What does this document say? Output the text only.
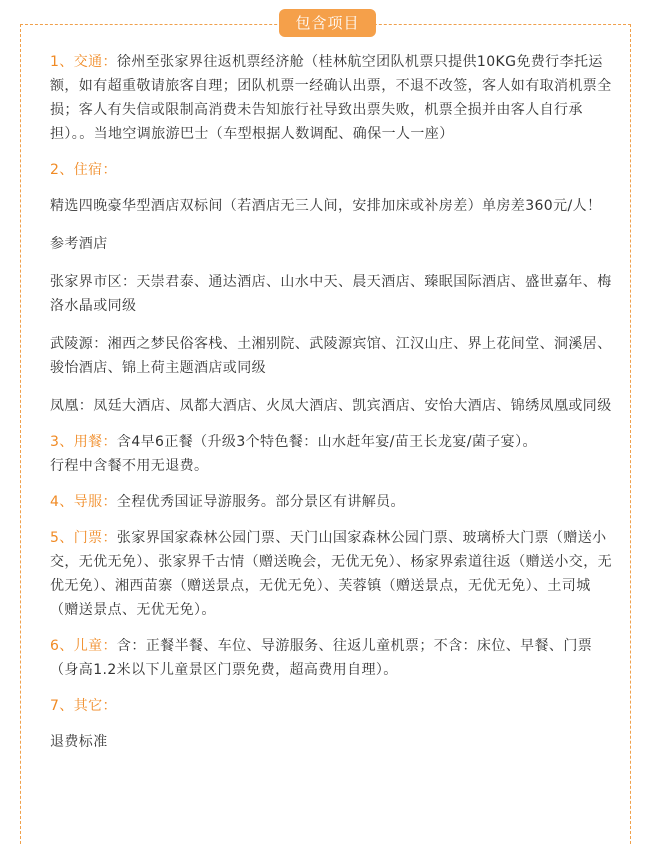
包含项目

1、交通：徐州至张家界往返机票经济舱（桂林航空团队机票只提供10KG免费行李托运额，如有超重敬请旅客自理；团队机票一经确认出票，不退不改签，客人如有取消机票全损；客人有失信或限制高消费未告知旅行社导致出票失败，机票全损并由客人自行承担）。。当地空调旅游巴士（车型根据人数调配、确保一人一座）

2、住宿：

精选四晚豪华型酒店双标间（若酒店无三人间，安排加床或补房差）单房差360元/人！

参考酒店

张家界市区：天崇君泰、通达酒店、山水中天、晨天酒店、臻眠国际酒店、盛世嘉年、梅洛水晶或同级

武陵源：湘西之梦民俗客栈、土湘别院、武陵源宾馆、江汉山庄、界上花间堂、洞溪居、骏怡酒店、锦上荷主题酒店或同级

凤凰：凤廷大酒店、凤都大酒店、火凤大酒店、凯宾酒店、安怡大酒店、锦绣凤凰或同级

3、用餐：含4早6正餐（升级3个特色餐：山水赶年宴/苗王长龙宴/菌子宴）。

行程中含餐不用无退费。

4、导服：全程优秀国证导游服务。部分景区有讲解员。

5、门票：张家界国家森林公园门票、天门山国家森林公园门票、玻璃桥大门票（赠送小交，无优无免）、张家界千古情（赠送晚会，无优无免）、杨家界索道往返（赠送小交，无优无免）、湘西苗寨（赠送景点，无优无免）、芙蓉镇（赠送景点，无优无免）、土司城（赠送景点、无优无免）。

6、儿童：含：正餐半餐、车位、导游服务、往返儿童机票；不含：床位、早餐、门票（身高1.2米以下儿童景区门票免费，超高费用自理）。

7、其它：

退费标准
